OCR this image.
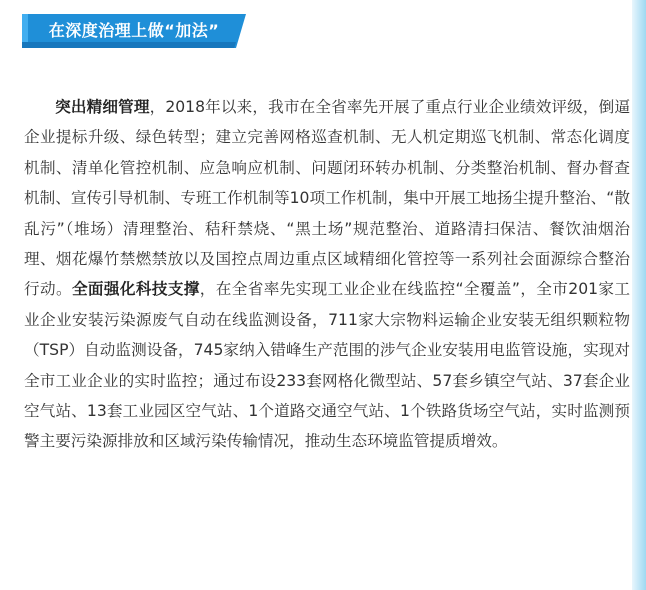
在深度治理上做“加法”

突出精细管理，2018年以来，我市在全省率先开展了重点行业企业绩效评级，倒逼企业提标升级、绿色转型；建立完善网格巡查机制、无人机定期巡飞机制、常态化调度机制、清单化管控机制、应急响应机制、问题闭环转办机制、分类整治机制、督办督查机制、宣传引导机制、专班工作机制等10项工作机制，集中开展工地扬尘提升整治、“散乱污”（堆场）清理整治、秸秆禁烧、“黑土场”规范整治、道路清扫保洁、餐饮油烟治理、烟花爆竹禁燃禁放以及国控点周边重点区域精细化管控等一系列社会面源综合整治行动。全面强化科技支撑，在全省率先实现工业企业在线监控“全覆盖”，全市201家工业企业安装污染源废气自动在线监测设备，711家大宗物料运输企业安装无组织颗粒物（TSP）自动监测设备，745家纳入错峰生产范围的涉气企业安装用电监管设施，实现对全市工业企业的实时监控；通过布设233套网格化微型站、57套乡镇空气站、37套企业空气站、13套工业园区空气站、1个道路交通空气站、1个铁路货场空气站，实时监测预警主要污染源排放和区域污染传输情况，推动生态环境监管提质增效。
